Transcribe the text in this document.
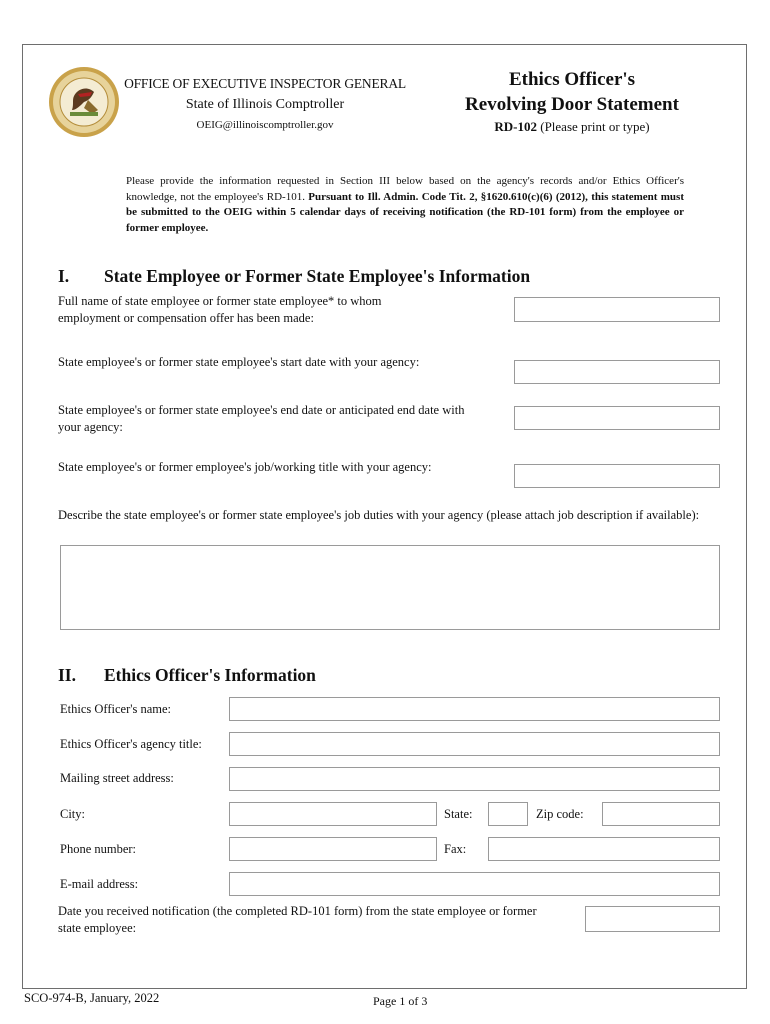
OFFICE OF EXECUTIVE INSPECTOR GENERAL
State of Illinois Comptroller
OEIG@illinoiscomptroller.gov
Ethics Officer's
Revolving Door Statement
RD-102 (Please print or type)
Please provide the information requested in Section III below based on the agency's records and/or Ethics Officer's knowledge, not the employee's RD-101. Pursuant to Ill. Admin. Code Tit. 2, §1620.610(c)(6) (2012), this statement must be submitted to the OEIG within 5 calendar days of receiving notification (the RD-101 form) from the employee or former employee.
I. State Employee or Former State Employee's Information
Full name of state employee or former state employee* to whom employment or compensation offer has been made:
State employee's or former state employee's start date with your agency:
State employee's or former state employee's end date or anticipated end date with your agency:
State employee's or former employee's job/working title with your agency:
Describe the state employee's or former state employee's job duties with your agency (please attach job description if available):
II. Ethics Officer's Information
Ethics Officer's name:
Ethics Officer's agency title:
Mailing street address:
City:	State:	Zip code:
Phone number:	Fax:
E-mail address:
Date you received notification (the completed RD-101 form) from the state employee or former state employee:
SCO-974-B, January, 2022	Page 1 of 3
